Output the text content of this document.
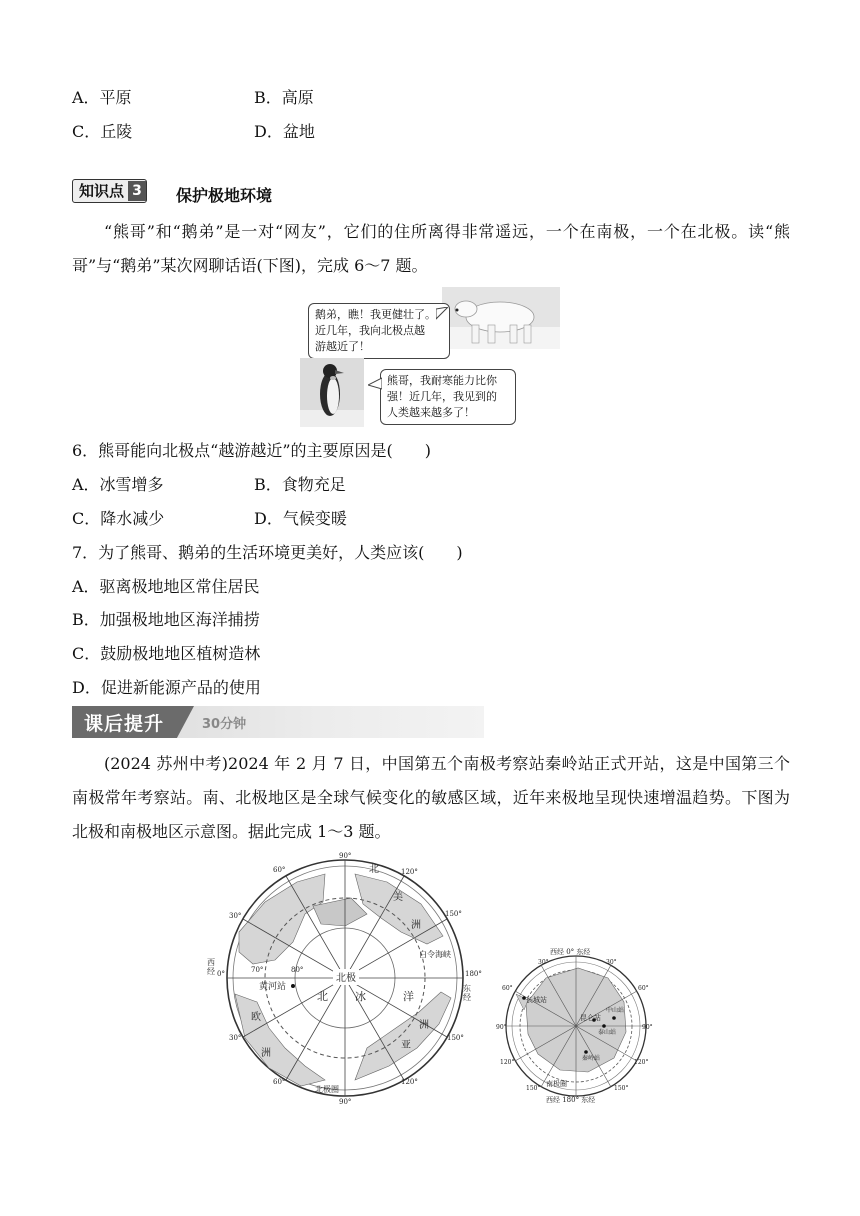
A．平原	B．高原
C．丘陵	D．盆地
知识点 3 保护极地环境
“熊哥”和“鹅弟”是一对“网友”，它们的住所离得非常遥远，一个在南极，一个在北极。读“熊哥”与“鹅弟”某次网聊话语(下图)，完成 6～7 题。
鹅弟，瞧！我更健壮了。
近几年，我向北极点越
游越近了！
熊哥，我耐寒能力比你
强！近几年，我见到的
人类越来越多了！
6．熊哥能向北极点“越游越近”的主要原因是(　　)
A．冰雪增多	B．食物充足
C．降水减少	D．气候变暖
7．为了熊哥、鹅弟的生活环境更美好，人类应该(　　)
A．驱离极地地区常住居民
B．加强极地地区海洋捕捞
C．鼓励极地地区植树造林
D．促进新能源产品的使用
课后提升	30分钟
(2024 苏州中考)2024 年 2 月 7 日，中国第五个南极考察站秦岭站正式开站，这是中国第三个南极常年考察站。南、北极地区是全球气候变化的敏感区域，近年来极地呈现快速增温趋势。下图为北极和南极地区示意图。据此完成 1～3 题。
北极
北 冰	洋
北
美
洲
欧
洲
亚
洲
黄河站
白令海峡
北极圈
90°
120°
150°
180°
150°
120°
90°
60°
30°
0°
30°
60°
70°	80°
西经
东经
西经 0° 东经
西经 180° 东经
长城站
昆仑站
中山站
泰山站
秦岭站
南极圈
30°	30°
60°	60°
90°	90°
120°	120°
150°	150°
